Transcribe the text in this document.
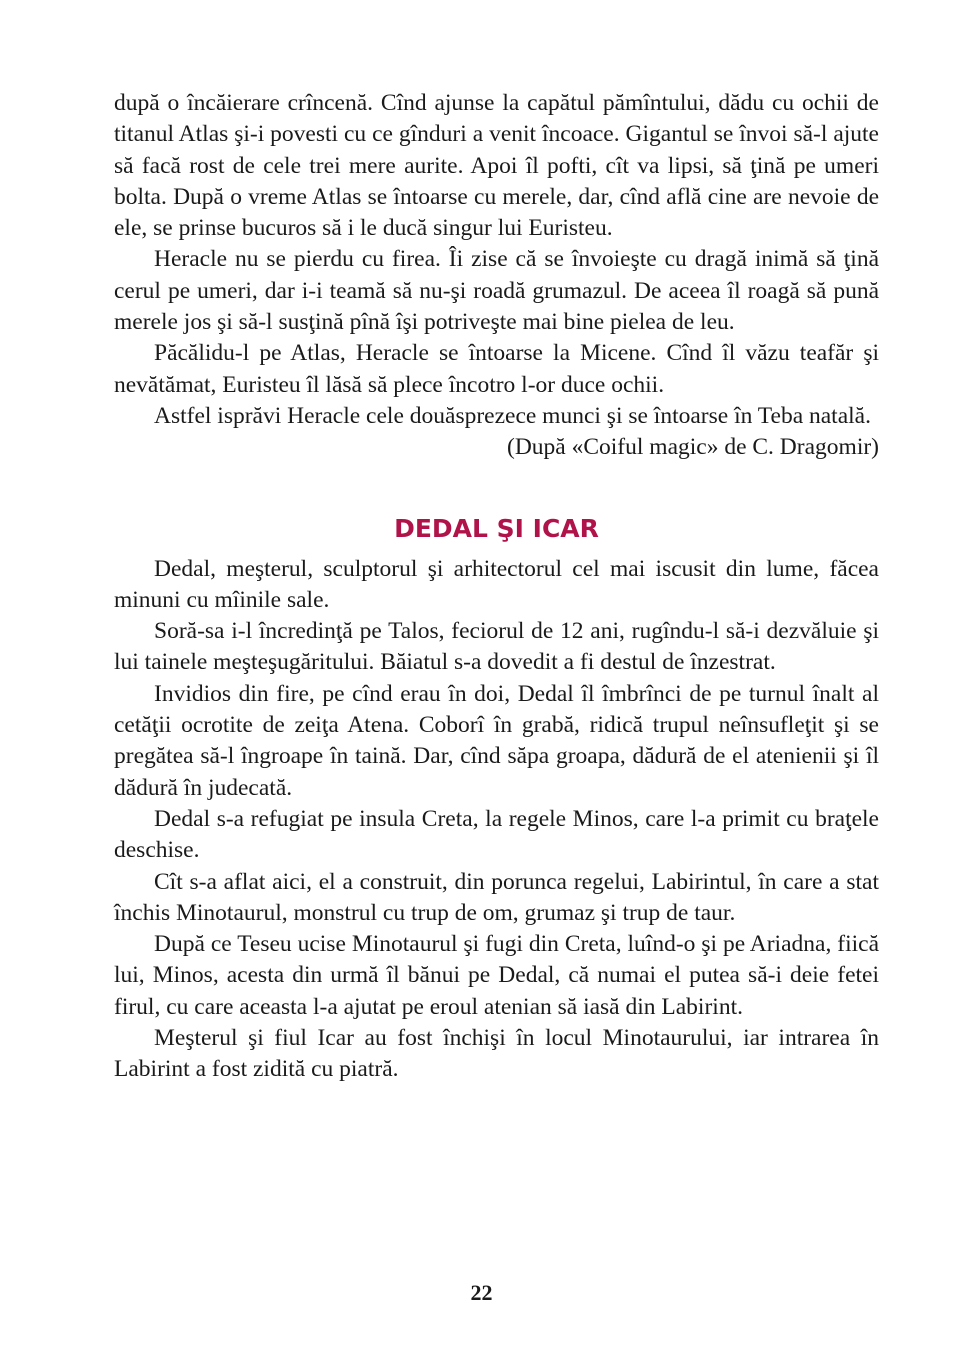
după o încăierare crîncenă. Cînd ajunse la capătul pămîntului, dădu cu ochii de titanul Atlas şi-i povesti cu ce gînduri a venit încoace. Gigantul se învoi să-l ajute să facă rost de cele trei mere aurite. Apoi îl pofti, cît va lipsi, să ţină pe umeri bolta. După o vreme Atlas se întoarse cu merele, dar, cînd află cine are nevoie de ele, se prinse bucuros să i le ducă singur lui Euristeu.

Heracle nu se pierdu cu firea. Îi zise că se învoieşte cu dragă inimă să ţină cerul pe umeri, dar i-i teamă să nu-şi roadă grumazul. De aceea îl roagă să pună merele jos şi să-l susţină pînă îşi potriveşte mai bine pielea de leu.

Păcălidu-l pe Atlas, Heracle se întoarse la Micene. Cînd îl văzu teafăr şi nevătămat, Euristeu îl lăsă să plece încotro l-or duce ochii.

Astfel isprăvi Heracle cele douăsprezece munci şi se întoarse în Teba natală.

(După «Coiful magic» de C. Dragomir)

DEDAL ŞI ICAR

Dedal, meşterul, sculptorul şi arhitectorul cel mai iscusit din lume, făcea minuni cu mîinile sale.

Soră-sa i-l încredinţă pe Talos, feciorul de 12 ani, rugîndu-l să-i dezvăluie şi lui tainele meşteşugăritului. Băiatul s-a dovedit a fi destul de înzestrat.

Invidios din fire, pe cînd erau în doi, Dedal îl îmbrînci de pe turnul înalt al cetăţii ocrotite de zeiţa Atena. Coborî în grabă, ridică trupul neînsufleţit şi se pregătea să-l îngroape în taină. Dar, cînd săpa groapa, dădură de el atenienii şi îl dădură în judecată.

Dedal s-a refugiat pe insula Creta, la regele Minos, care l-a primit cu braţele deschise.

Cît s-a aflat aici, el a construit, din porunca regelui, Labirintul, în care a stat închis Minotaurul, monstrul cu trup de om, grumaz şi trup de taur.

După ce Teseu ucise Minotaurul şi fugi din Creta, luînd-o şi pe Ariadna, fiică lui, Minos, acesta din urmă îl bănui pe Dedal, că numai el putea să-i deie fetei firul, cu care aceasta l-a ajutat pe eroul atenian să iasă din Labirint.

Meşterul şi fiul Icar au fost închişi în locul Minotaurului, iar intrarea în Labirint a fost zidită cu piatră.

22
